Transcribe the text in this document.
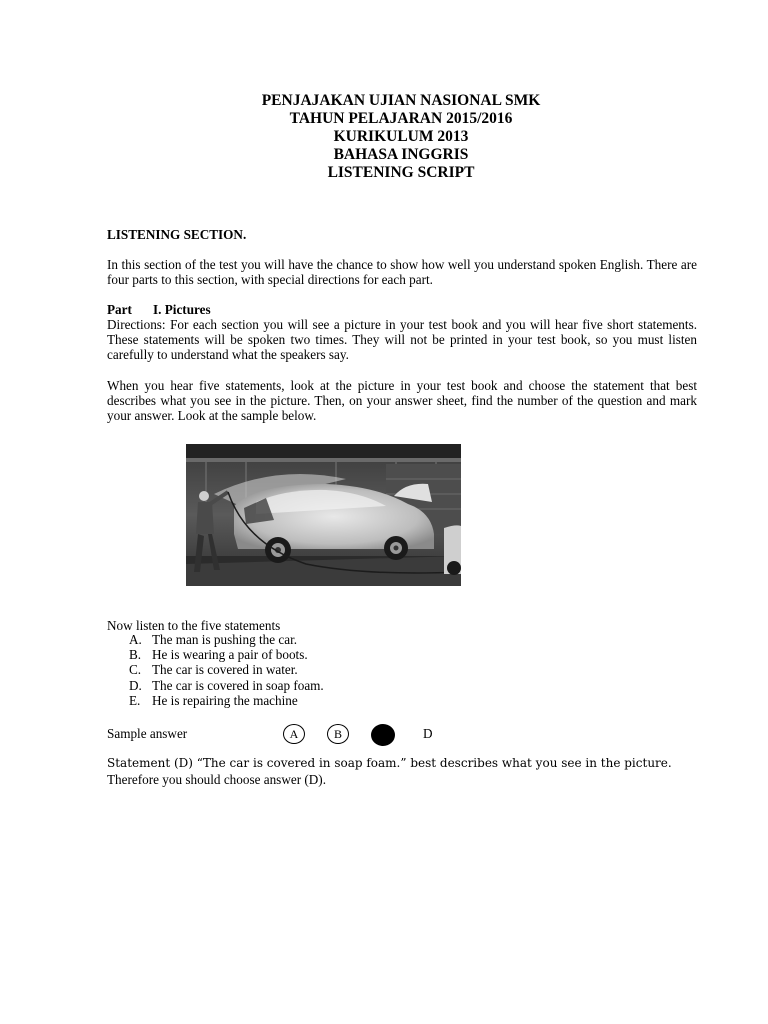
PENJAJAKAN UJIAN NASIONAL SMK
TAHUN PELAJARAN 2015/2016
KURIKULUM 2013
BAHASA INGGRIS
LISTENING SCRIPT
LISTENING SECTION.
In this section of the test you will have the chance to show how well you understand spoken English. There are four parts to this section, with special directions for each part.
Part I. Pictures
Directions: For each section you will see a picture in your test book and you will hear five short statements. These statements will be spoken two times. They will not be printed in your test book, so you must listen carefully to understand what the speakers say.
When you hear five statements, look at the picture in your test book and choose the statement that best describes what you see in the picture. Then, on your answer sheet, find the number of the question and mark your answer. Look at the sample below.
Now listen to the five statements
A. The man is pushing the car.
B. He is wearing a pair of boots.
C. The car is covered in water.
D. The car is covered in soap foam.
E. He is repairing the machine
Sample answer	A	B	C	D
Statement (D) “The car is covered in soap foam.” best describes what you see in the picture.
Therefore you should choose answer (D).
